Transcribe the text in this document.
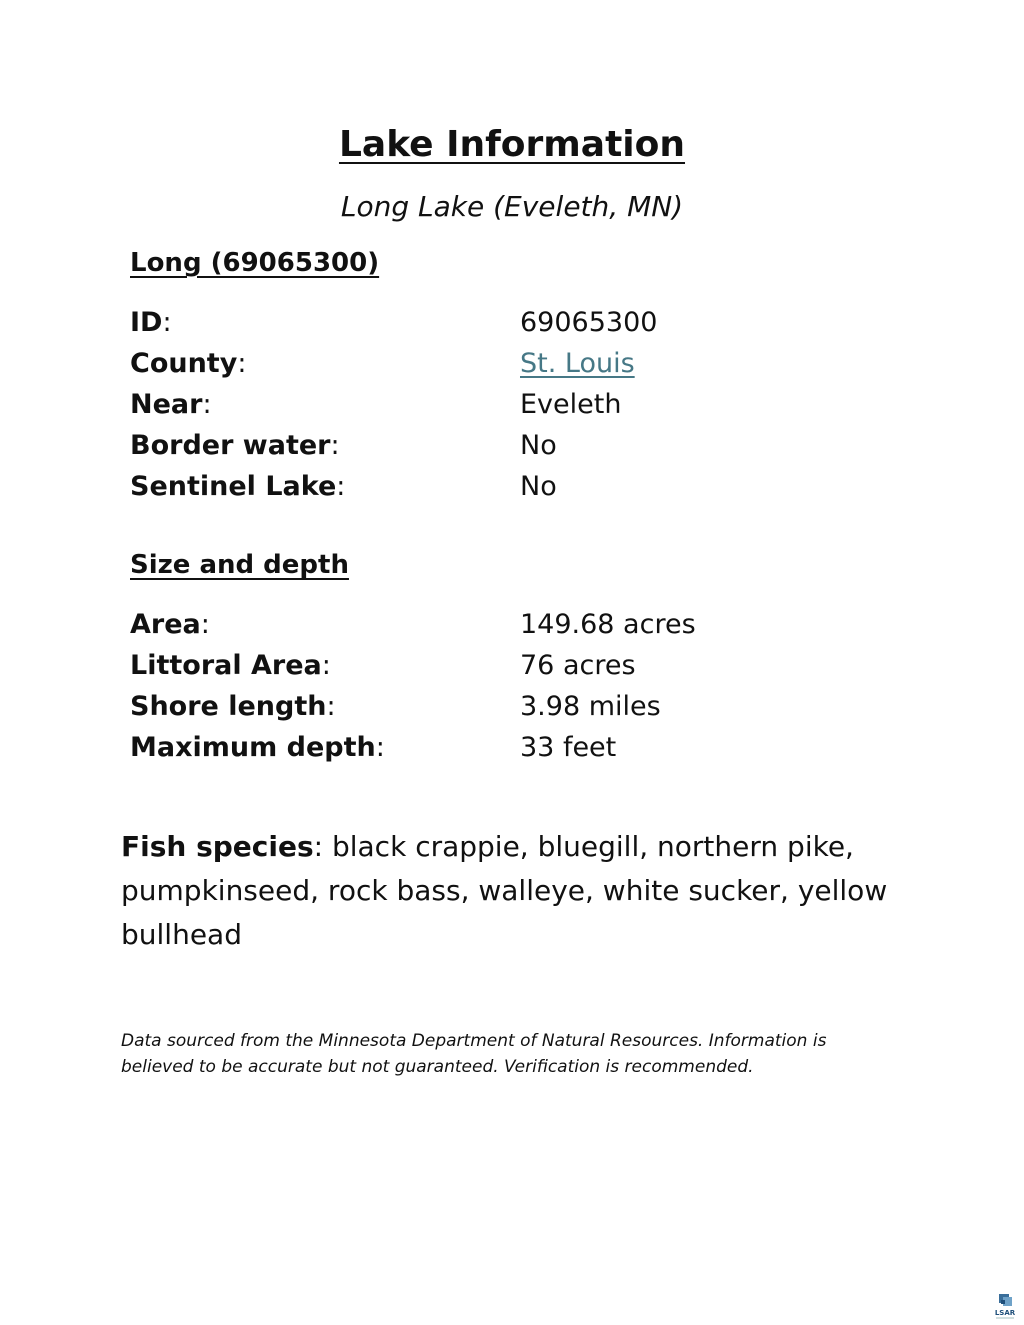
Lake Information
Long Lake (Eveleth, MN)
Long (69065300)
ID:	69065300
County:	St. Louis
Near:	Eveleth
Border water:	No
Sentinel Lake:	No
Size and depth
Area:	149.68 acres
Littoral Area:	76 acres
Shore length:	3.98 miles
Maximum depth:	33 feet
Fish species: black crappie, bluegill, northern pike, pumpkinseed, rock bass, walleye, white sucker, yellow bullhead
Data sourced from the Minnesota Department of Natural Resources. Information is believed to be accurate but not guaranteed. Verification is recommended.
LSAR
